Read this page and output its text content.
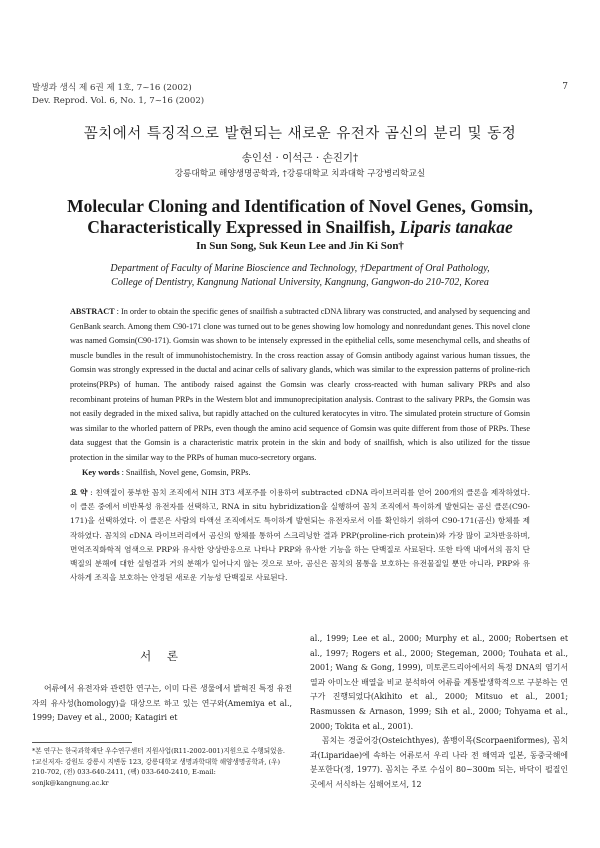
발생과 생식 제 6권 제 1호, 7~16 (2002)
Dev. Reprod. Vol. 6, No. 1, 7~16 (2002)
7
꼼치에서 특징적으로 발현되는 새로운 유전자 곰신의 분리 및 동정
송인선 · 이석근 · 손진기†
강릉대학교 해양생명공학과, †강릉대학교 치과대학 구강병리학교실
Molecular Cloning and Identification of Novel Genes, Gomsin,
Characteristically Expressed in Snailfish, Liparis tanakae
In Sun Song, Suk Keun Lee and Jin Ki Son†
Department of Faculty of Marine Bioscience and Technology, †Department of Oral Pathology,
College of Dentistry, Kangnung National University, Kangnung, Gangwon-do 210-702, Korea
ABSTRACT : In order to obtain the specific genes of snailfish a subtracted cDNA library was constructed, and analysed by sequencing and GenBank search. Among them C90-171 clone was turned out to be genes showing low homology and nonredundant genes. This novel clone was named Gomsin(C90-171). Gomsin was shown to be intensely expressed in the epithelial cells, some mesenchymal cells, and sheaths of muscle bundles in the result of immunohistochemistry. In the cross reaction assay of Gomsin antibody against various human tissues, the Gomsin was strongly expressed in the ductal and acinar cells of salivary glands, which was similar to the expression patterns of proline-rich proteins(PRPs) of human. The antibody raised against the Gomsin was clearly cross-reacted with human salivary PRPs and also recombinant proteins of human PRPs in the Western blot and immunoprecipitation analysis. Contrast to the salivary PRPs, the Gomsin was not easily degraded in the mixed saliva, but rapidly attached on the cultured keratocytes in vitro. The simulated protein structure of Gomsin was similar to the whorled pattern of PRPs, even though the amino acid sequence of Gomsin was quite different from those of PRPs. These data suggest that the Gomsin is a characteristic matrix protein in the skin and body of snailfish, which is also utilized for the tissue protection in the similar way to the PRPs of human muco-secretory organs.
Key words : Snailfish, Novel gene, Gomsin, PRPs.
요 약 : 친액질이 풍부한 꼼치 조직에서 NIH 3T3 세포주를 이용하여 subtracted cDNA 라이브러리를 얻어 200개의 클론을 제작하였다. 이 클론 중에서 비반복성 유전자를 선택하고, RNA in situ hybridization을 실행하여 꼼치 조직에서 특이하게 발현되는 곰신 클론(C90-171)을 선택하였다. 이 클론은 사람의 타액선 조직에서도 특이하게 발현되는 유전자로서 이를 확인하기 위하여 C90-171(곰신) 항체를 제작하였다. 꼼치의 cDNA 라이브러리에서 곰신의 항체를 통하여 스크리닝한 결과 PRP(proline-rich protein)와 가장 많이 교차반응하며, 면역조직화학적 염색으로 PRP와 유사한 양상반응으로 나타나 PRP와 유사한 기능을 하는 단백질로 사료된다. 또한 타액 내에서의 꼼치 단백질의 분해에 대한 실험결과 거의 분해가 일어나지 않는 것으로 보아, 곰신은 꼼치의 몸통을 보호하는 유전물질일 뿐만 아니라, PRP와 유사하게 조직을 보호하는 안정된 새로운 기능성 단백질로 사료된다.
서 론

어류에서 유전자와 관련한 연구는, 이미 다른 생물에서 밝혀진 특정 유전자의 유사성(homology)을 대상으로 하고 있는 연구와(Amemiya et al., 1999; Davey et al., 2000; Katagiri et

*본 연구는 한국과학재단 우수연구센터 지원사업(R11-2002-001)지원으로 수행되었음.

†교신저자: 강원도 강릉시 지변동 123, 강릉대학교 생명과학대학 해양생명공학과, (우) 210-702, (전) 033-640-2411, (팩) 033-640-2410, E-mail: sonjk@kangnung.ac.kr

al., 1999; Lee et al., 2000; Murphy et al., 2000; Robertsen et al., 1997; Rogers et al., 2000; Stegeman, 2000; Touhata et al., 2001; Wang & Gong, 1999), 미토콘드리아에서의 특정 DNA의 염기서열과 아미노산 배열을 비교 분석하여 어류를 계통발생학적으로 구분하는 연구가 진행되었다(Akihito et al., 2000; Mitsuo et al., 2001; Rasmussen & Arnason, 1999; Sih et al., 2000; Tohyama et al., 2000; Tokita et al., 2001).

꼼치는 경골어강(Osteichthyes), 쏨뱅이목(Scorpaeniformes), 꼼치과(Liparidae)에 속하는 어류로서 우리 나라 전 해역과 일본, 동중국해에 분포한다(정, 1977). 꼼치는 주로 수심이 80~300m 되는, 바닥이 펄질인 곳에서 서식하는 심해어로서, 12
